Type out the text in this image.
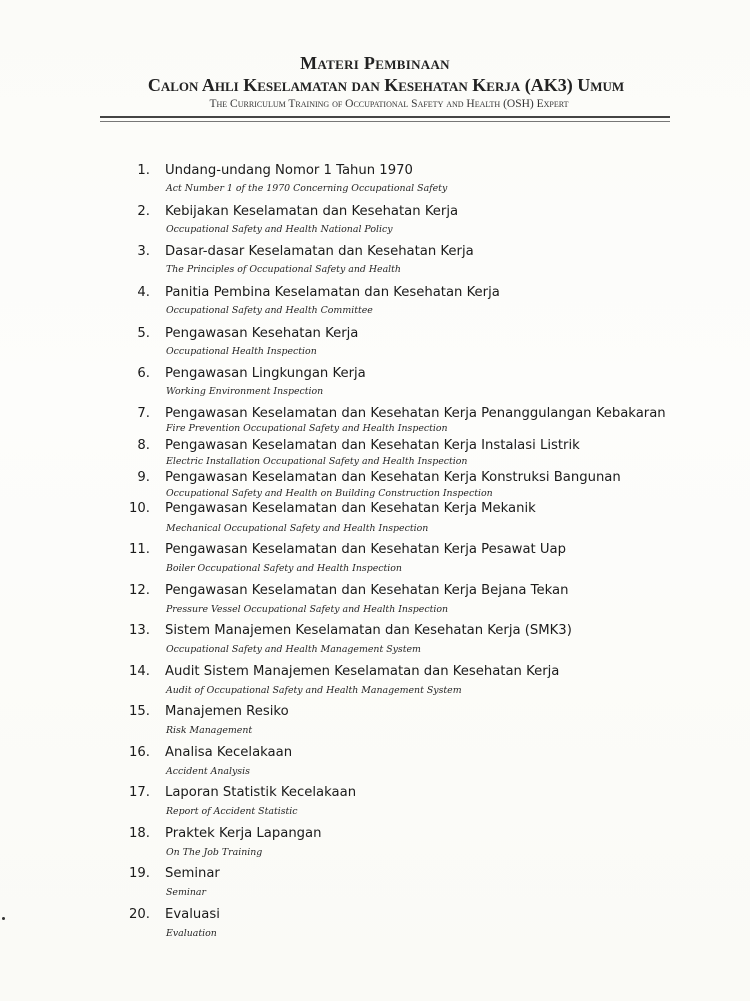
Materi Pembinaan
Calon Ahli Keselamatan dan Kesehatan Kerja (AK3) Umum
The Curriculum Training of Occupational Safety and Health (OSH) Expert
1. Undang-undang Nomor 1 Tahun 1970
Act Number 1 of the 1970 Concerning Occupational Safety
2. Kebijakan Keselamatan dan Kesehatan Kerja
Occupational Safety and Health National Policy
3. Dasar-dasar Keselamatan dan Kesehatan Kerja
The Principles of Occupational Safety and Health
4. Panitia Pembina Keselamatan dan Kesehatan Kerja
Occupational Safety and Health Committee
5. Pengawasan Kesehatan Kerja
Occupational Health Inspection
6. Pengawasan Lingkungan Kerja
Working Environment Inspection
7. Pengawasan Keselamatan dan Kesehatan Kerja Penanggulangan Kebakaran
Fire Prevention Occupational Safety and Health Inspection
8. Pengawasan Keselamatan dan Kesehatan Kerja Instalasi Listrik
Electric Installation Occupational Safety and Health Inspection
9. Pengawasan Keselamatan dan Kesehatan Kerja Konstruksi Bangunan
Occupational Safety and Health on Building Construction Inspection
10. Pengawasan Keselamatan dan Kesehatan Kerja Mekanik
Mechanical Occupational Safety and Health Inspection
11. Pengawasan Keselamatan dan Kesehatan Kerja Pesawat Uap
Boiler Occupational Safety and Health Inspection
12. Pengawasan Keselamatan dan Kesehatan Kerja Bejana Tekan
Pressure Vessel Occupational Safety and Health Inspection
13. Sistem Manajemen Keselamatan dan Kesehatan Kerja (SMK3)
Occupational Safety and Health Management System
14. Audit Sistem Manajemen Keselamatan dan Kesehatan Kerja
Audit of Occupational Safety and Health Management System
15. Manajemen Resiko
Risk Management
16. Analisa Kecelakaan
Accident Analysis
17. Laporan Statistik Kecelakaan
Report of Accident Statistic
18. Praktek Kerja Lapangan
On The Job Training
19. Seminar
Seminar
20. Evaluasi
Evaluation
